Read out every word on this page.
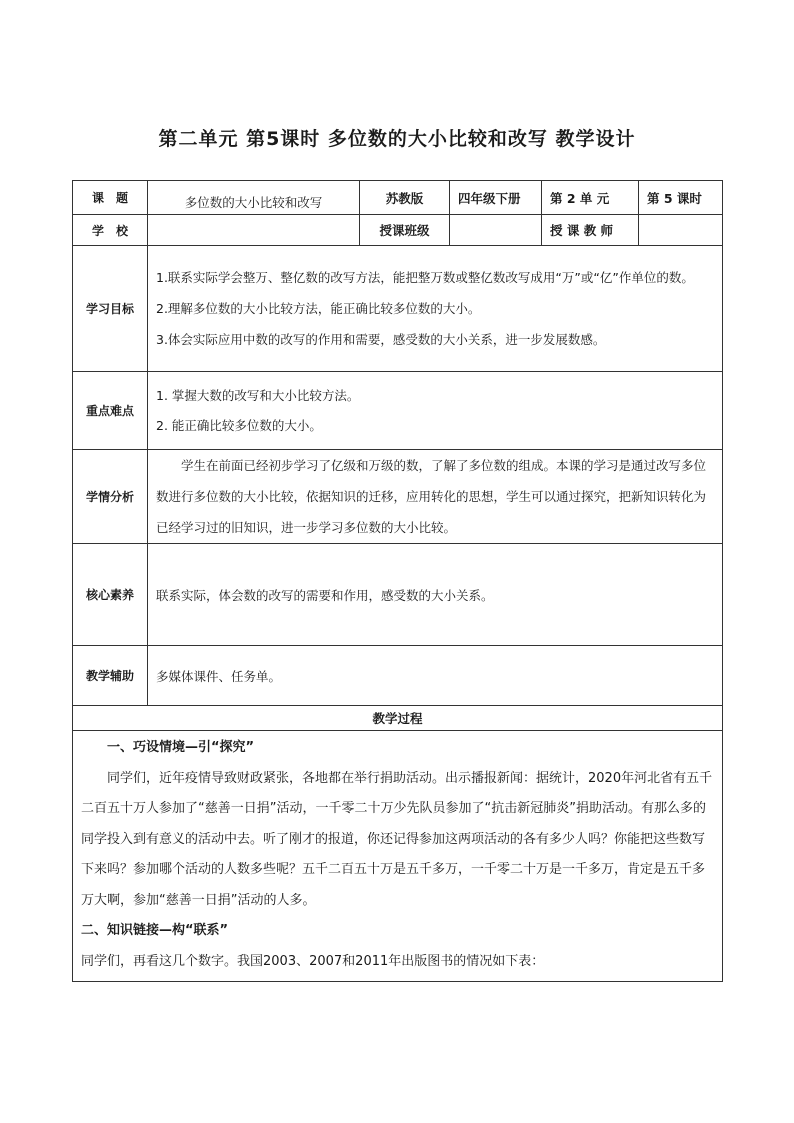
第二单元 第5课时 多位数的大小比较和改写 教学设计
课　题	多位数的大小比较和改写	苏教版	四年级下册	第 2 单 元	第 5 课时
学　校		授课班级		授 课 教 师	
学习目标	1.联系实际学会整万、整亿数的改写方法，能把整万数或整亿数改写成用“万”或“亿”作单位的数。

2.理解多位数的大小比较方法，能正确比较多位数的大小。

3.体会实际应用中数的改写的作用和需要，感受数的大小关系，进一步发展数感。				

重点难点	1. 掌握大数的改写和大小比较方法。

2. 能正确比较多位数的大小。				

学情分析	学生在前面已经初步学习了亿级和万级的数，了解了多位数的组成。本课的学习是通过改写多位数进行多位数的大小比较，依据知识的迁移，应用转化的思想，学生可以通过探究，把新知识转化为已经学习过的旧知识，进一步学习多位数的大小比较。				

核心素养	联系实际，体会数的改写的需要和作用，感受数的大小关系。				
教学辅助	多媒体课件、任务单。				
教学过程					

一、巧设情境—引“探究”

同学们，近年疫情导致财政紧张，各地都在举行捐助活动。出示播报新闻：据统计，2020年河北省有五千二百五十万人参加了“慈善一日捐”活动，一千零二十万少先队员参加了“抗击新冠肺炎”捐助活动。有那么多的同学投入到有意义的活动中去。听了刚才的报道，你还记得参加这两项活动的各有多少人吗？你能把这些数写下来吗？参加哪个活动的人数多些呢？五千二百五十万是五千多万，一千零二十万是一千多万，肯定是五千多万大啊，参加“慈善一日捐”活动的人多。

二、知识链接—构“联系”

同学们，再看这几个数字。我国2003、2007和2011年出版图书的情况如下表：					
